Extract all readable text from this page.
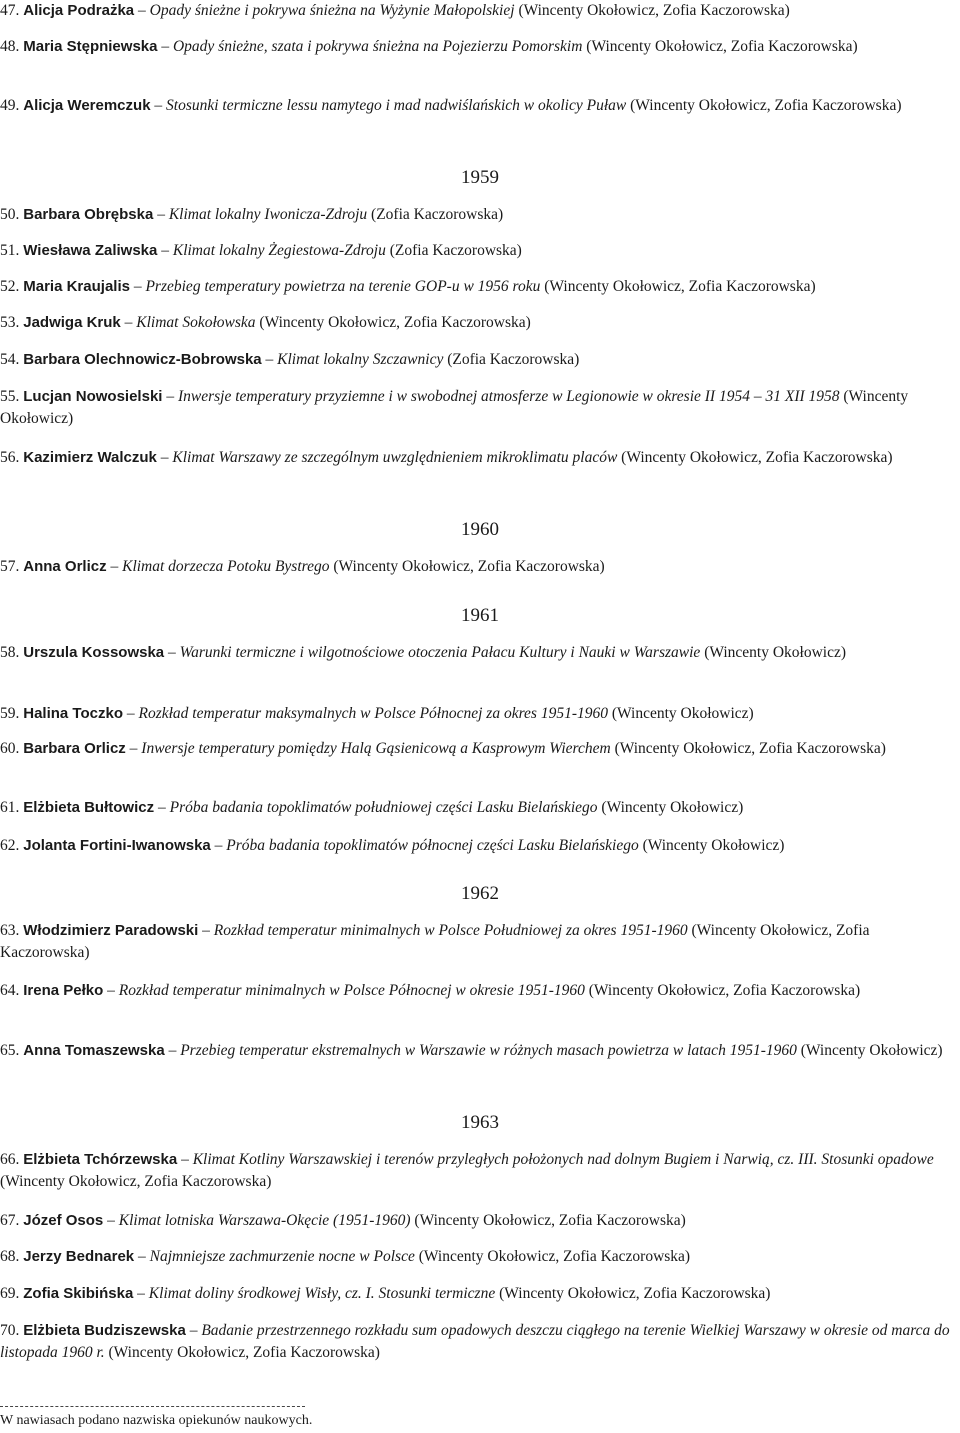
47. Alicja Podrażka – Opady śnieżne i pokrywa śnieżna na Wyżynie Małopolskiej (Wincenty Okołowicz, Zofia Kaczorowska)
48. Maria Stępniewska – Opady śnieżne, szata i pokrywa śnieżna na Pojezierzu Pomorskim (Wincenty Okołowicz, Zofia Kaczorowska)
49. Alicja Weremczuk – Stosunki termiczne lessu namytego i mad nadwiślańskich w okolicy Puław (Wincenty Okołowicz, Zofia Kaczorowska)
1959
50. Barbara Obrębska – Klimat lokalny Iwonicza-Zdroju (Zofia Kaczorowska)
51. Wiesława Zaliwska – Klimat lokalny Żegiestowa-Zdroju (Zofia Kaczorowska)
52. Maria Kraujalis – Przebieg temperatury powietrza na terenie GOP-u w 1956 roku (Wincenty Okołowicz, Zofia Kaczorowska)
53. Jadwiga Kruk – Klimat Sokołowska (Wincenty Okołowicz, Zofia Kaczorowska)
54. Barbara Olechnowicz-Bobrowska – Klimat lokalny Szczawnicy (Zofia Kaczorowska)
55. Lucjan Nowosielski – Inwersje temperatury przyziemne i w swobodnej atmosferze w Legionowie w okresie II 1954 – 31 XII 1958 (Wincenty Okołowicz)
56. Kazimierz Walczuk – Klimat Warszawy ze szczególnym uwzględnieniem mikroklimatu placów (Wincenty Okołowicz, Zofia Kaczorowska)
1960
57. Anna Orlicz – Klimat dorzecza Potoku Bystrego (Wincenty Okołowicz, Zofia Kaczorowska)
1961
58. Urszula Kossowska – Warunki termiczne i wilgotnościowe otoczenia Pałacu Kultury i Nauki w Warszawie (Wincenty Okołowicz)
59. Halina Toczko – Rozkład temperatur maksymalnych w Polsce Północnej za okres 1951-1960 (Wincenty Okołowicz)
60. Barbara Orlicz – Inwersje temperatury pomiędzy Halą Gąsienicową a Kasprowym Wierchem (Wincenty Okołowicz, Zofia Kaczorowska)
61. Elżbieta Bułtowicz – Próba badania topoklimatów południowej części Lasku Bielańskiego (Wincenty Okołowicz)
62. Jolanta Fortini-Iwanowska – Próba badania topoklimatów północnej części Lasku Bielańskiego (Wincenty Okołowicz)
1962
63. Włodzimierz Paradowski – Rozkład temperatur minimalnych w Polsce Południowej za okres 1951-1960 (Wincenty Okołowicz, Zofia Kaczorowska)
64. Irena Pełko – Rozkład temperatur minimalnych w Polsce Północnej w okresie 1951-1960 (Wincenty Okołowicz, Zofia Kaczorowska)
65. Anna Tomaszewska – Przebieg temperatur ekstremalnych w Warszawie w różnych masach powietrza w latach 1951-1960 (Wincenty Okołowicz)
1963
66. Elżbieta Tchórzewska – Klimat Kotliny Warszawskiej i terenów przyległych położonych nad dolnym Bugiem i Narwią, cz. III. Stosunki opadowe (Wincenty Okołowicz, Zofia Kaczorowska)
67. Józef Osos – Klimat lotniska Warszawa-Okęcie (1951-1960) (Wincenty Okołowicz, Zofia Kaczorowska)
68. Jerzy Bednarek – Najmniejsze zachmurzenie nocne w Polsce (Wincenty Okołowicz, Zofia Kaczorowska)
69. Zofia Skibińska – Klimat doliny środkowej Wisły, cz. I. Stosunki termiczne (Wincenty Okołowicz, Zofia Kaczorowska)
70. Elżbieta Budziszewska – Badanie przestrzennego rozkładu sum opadowych deszczu ciągłego na terenie Wielkiej Warszawy w okresie od marca do listopada 1960 r. (Wincenty Okołowicz, Zofia Kaczorowska)
W nawiasach podano nazwiska opiekunów naukowych.
